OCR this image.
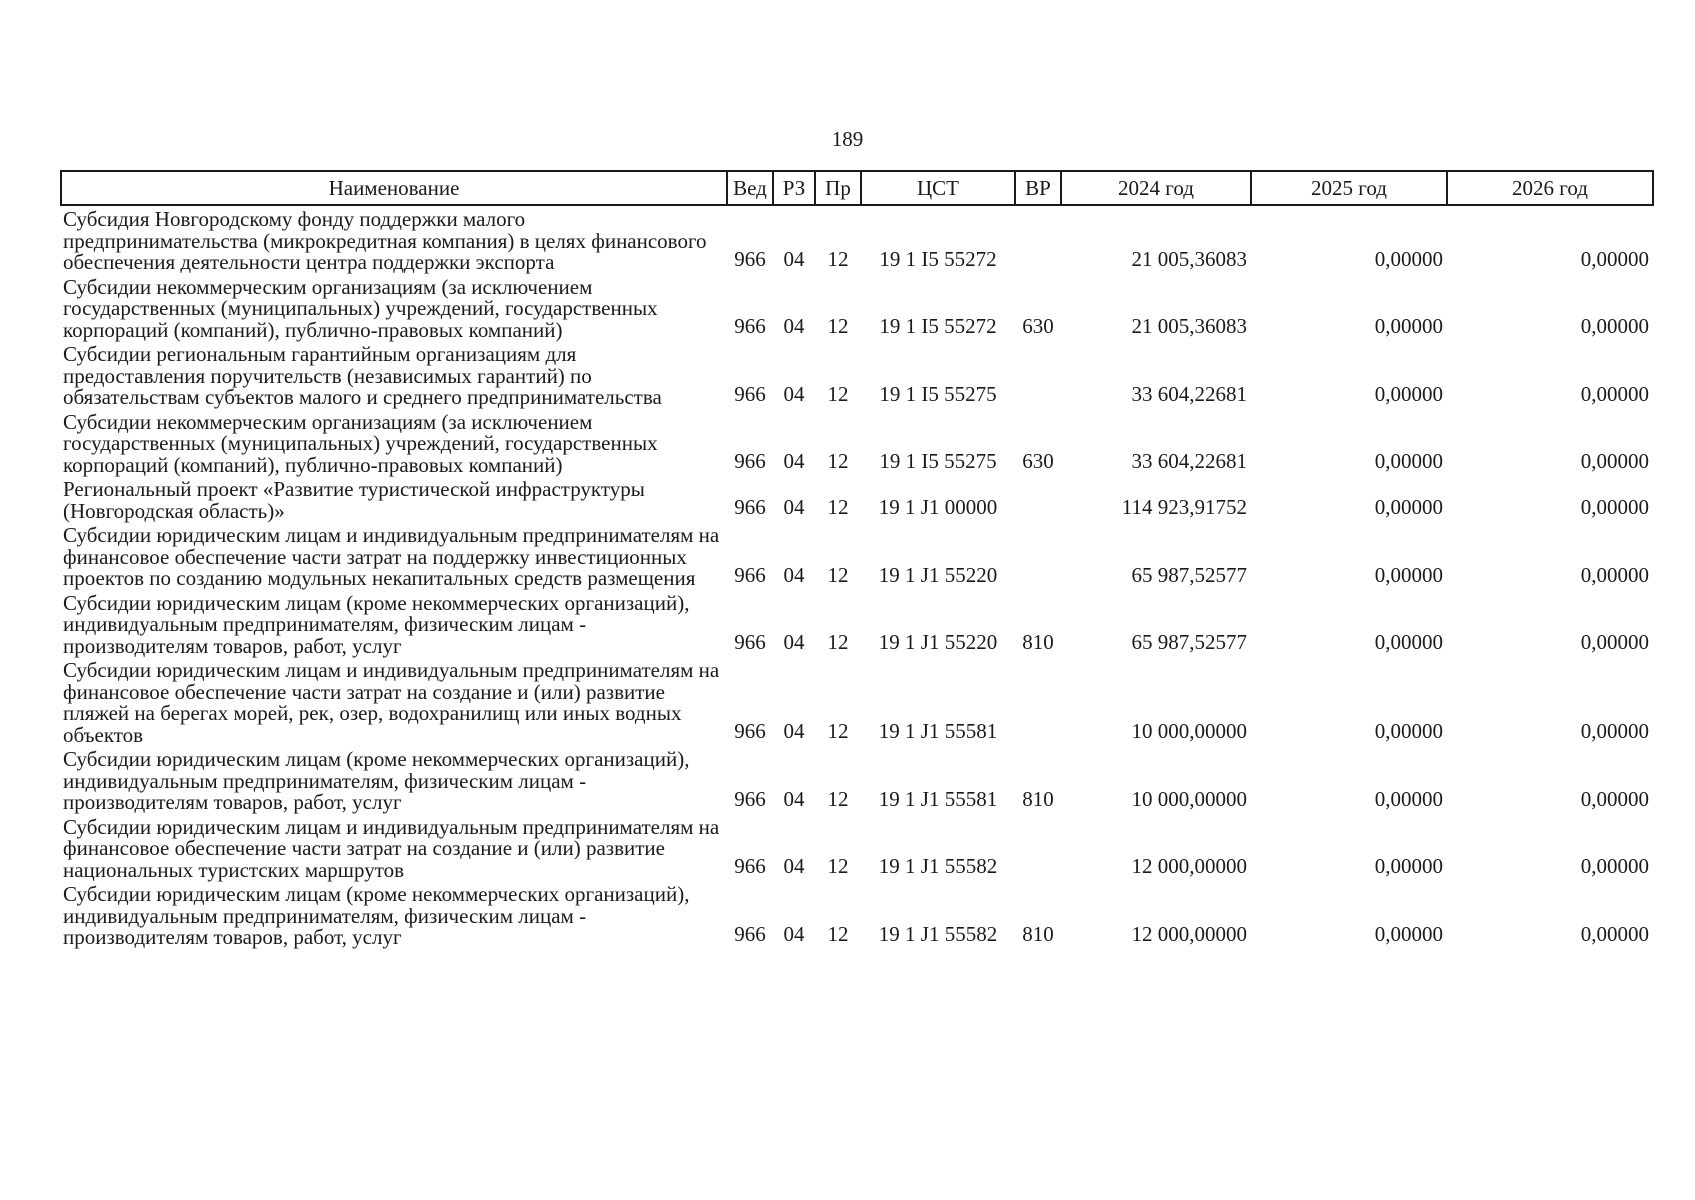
189
Наименование	Вед	РЗ	Пр	ЦСТ	ВР	2024 год	2025 год	2026 год
Субсидия Новгородскому фонду поддержки малого предпринимательства (микрокредитная компания) в целях финансового обеспечения деятельности центра поддержки экспорта	966	04	12	19 1 I5 55272		21 005,36083	0,00000	0,00000
Субсидии некоммерческим организациям (за исключением государственных (муниципальных) учреждений, государственных корпораций (компаний), публично-правовых компаний)	966	04	12	19 1 I5 55272	630	21 005,36083	0,00000	0,00000
Субсидии региональным гарантийным организациям для предоставления поручительств (независимых гарантий) по обязательствам субъектов малого и среднего предпринимательства	966	04	12	19 1 I5 55275		33 604,22681	0,00000	0,00000
Субсидии некоммерческим организациям (за исключением государственных (муниципальных) учреждений, государственных корпораций (компаний), публично-правовых компаний)	966	04	12	19 1 I5 55275	630	33 604,22681	0,00000	0,00000
Региональный проект «Развитие туристической инфраструктуры (Новгородская область)»	966	04	12	19 1 J1 00000		114 923,91752	0,00000	0,00000
Субсидии юридическим лицам и индивидуальным предпринимателям на финансовое обеспечение части затрат на поддержку инвестиционных проектов по созданию модульных некапитальных средств размещения	966	04	12	19 1 J1 55220		65 987,52577	0,00000	0,00000
Субсидии юридическим лицам (кроме некоммерческих организаций), индивидуальным предпринимателям, физическим лицам - производителям товаров, работ, услуг	966	04	12	19 1 J1 55220	810	65 987,52577	0,00000	0,00000
Субсидии юридическим лицам и индивидуальным предпринимателям на финансовое обеспечение части затрат на создание и (или) развитие пляжей на берегах морей, рек, озер, водохранилищ или иных водных объектов	966	04	12	19 1 J1 55581		10 000,00000	0,00000	0,00000
Субсидии юридическим лицам (кроме некоммерческих организаций), индивидуальным предпринимателям, физическим лицам - производителям товаров, работ, услуг	966	04	12	19 1 J1 55581	810	10 000,00000	0,00000	0,00000
Субсидии юридическим лицам и индивидуальным предпринимателям на финансовое обеспечение части затрат на создание и (или) развитие национальных туристских маршрутов	966	04	12	19 1 J1 55582		12 000,00000	0,00000	0,00000
Субсидии юридическим лицам (кроме некоммерческих организаций), индивидуальным предпринимателям, физическим лицам - производителям товаров, работ, услуг	966	04	12	19 1 J1 55582	810	12 000,00000	0,00000	0,00000
